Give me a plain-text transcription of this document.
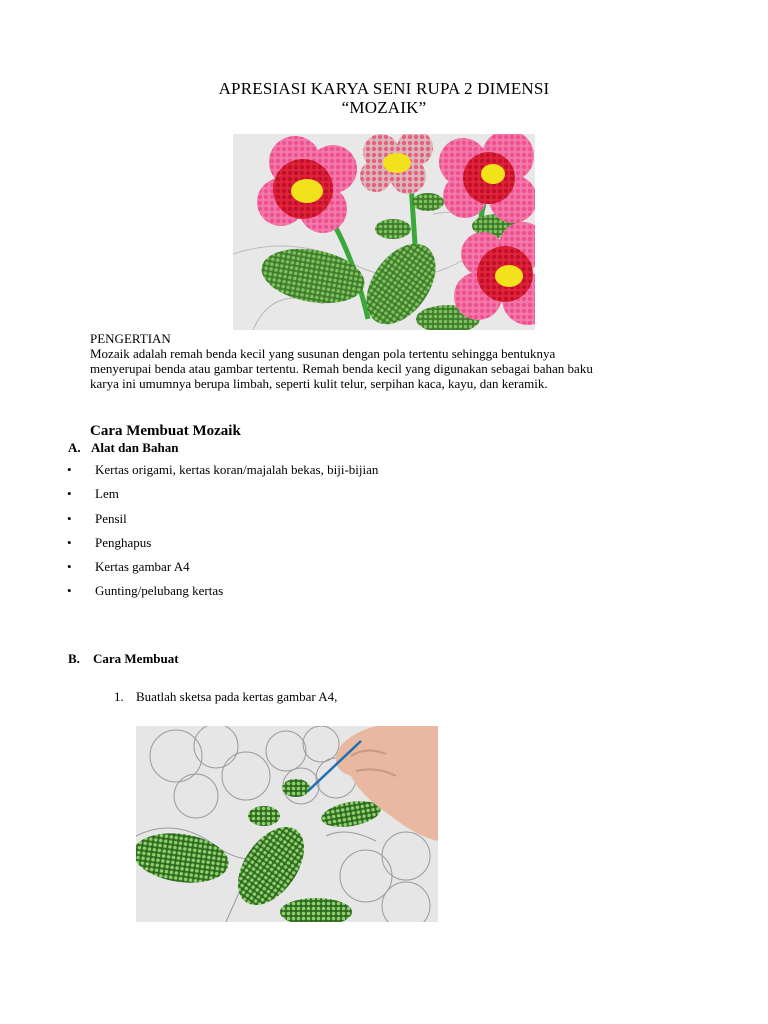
APRESIASI KARYA SENI RUPA 2 DIMENSI
“MOZAIK”
PENGERTIAN
Mozaik adalah remah benda kecil yang susunan dengan pola tertentu sehingga bentuknya
menyerupai benda atau gambar tertentu. Remah benda kecil yang digunakan sebagai bahan baku
karya ini umumnya berupa limbah, seperti kulit telur, serpihan kaca, kayu, dan keramik.
Cara Membuat Mozaik
A. Alat dan Bahan
• Kertas origami, kertas koran/majalah bekas, biji-bijian
• Lem
• Pensil
• Penghapus
• Kertas gambar A4
• Gunting/pelubang kertas
B. Cara Membuat
1. Buatlah sketsa pada kertas gambar A4,
